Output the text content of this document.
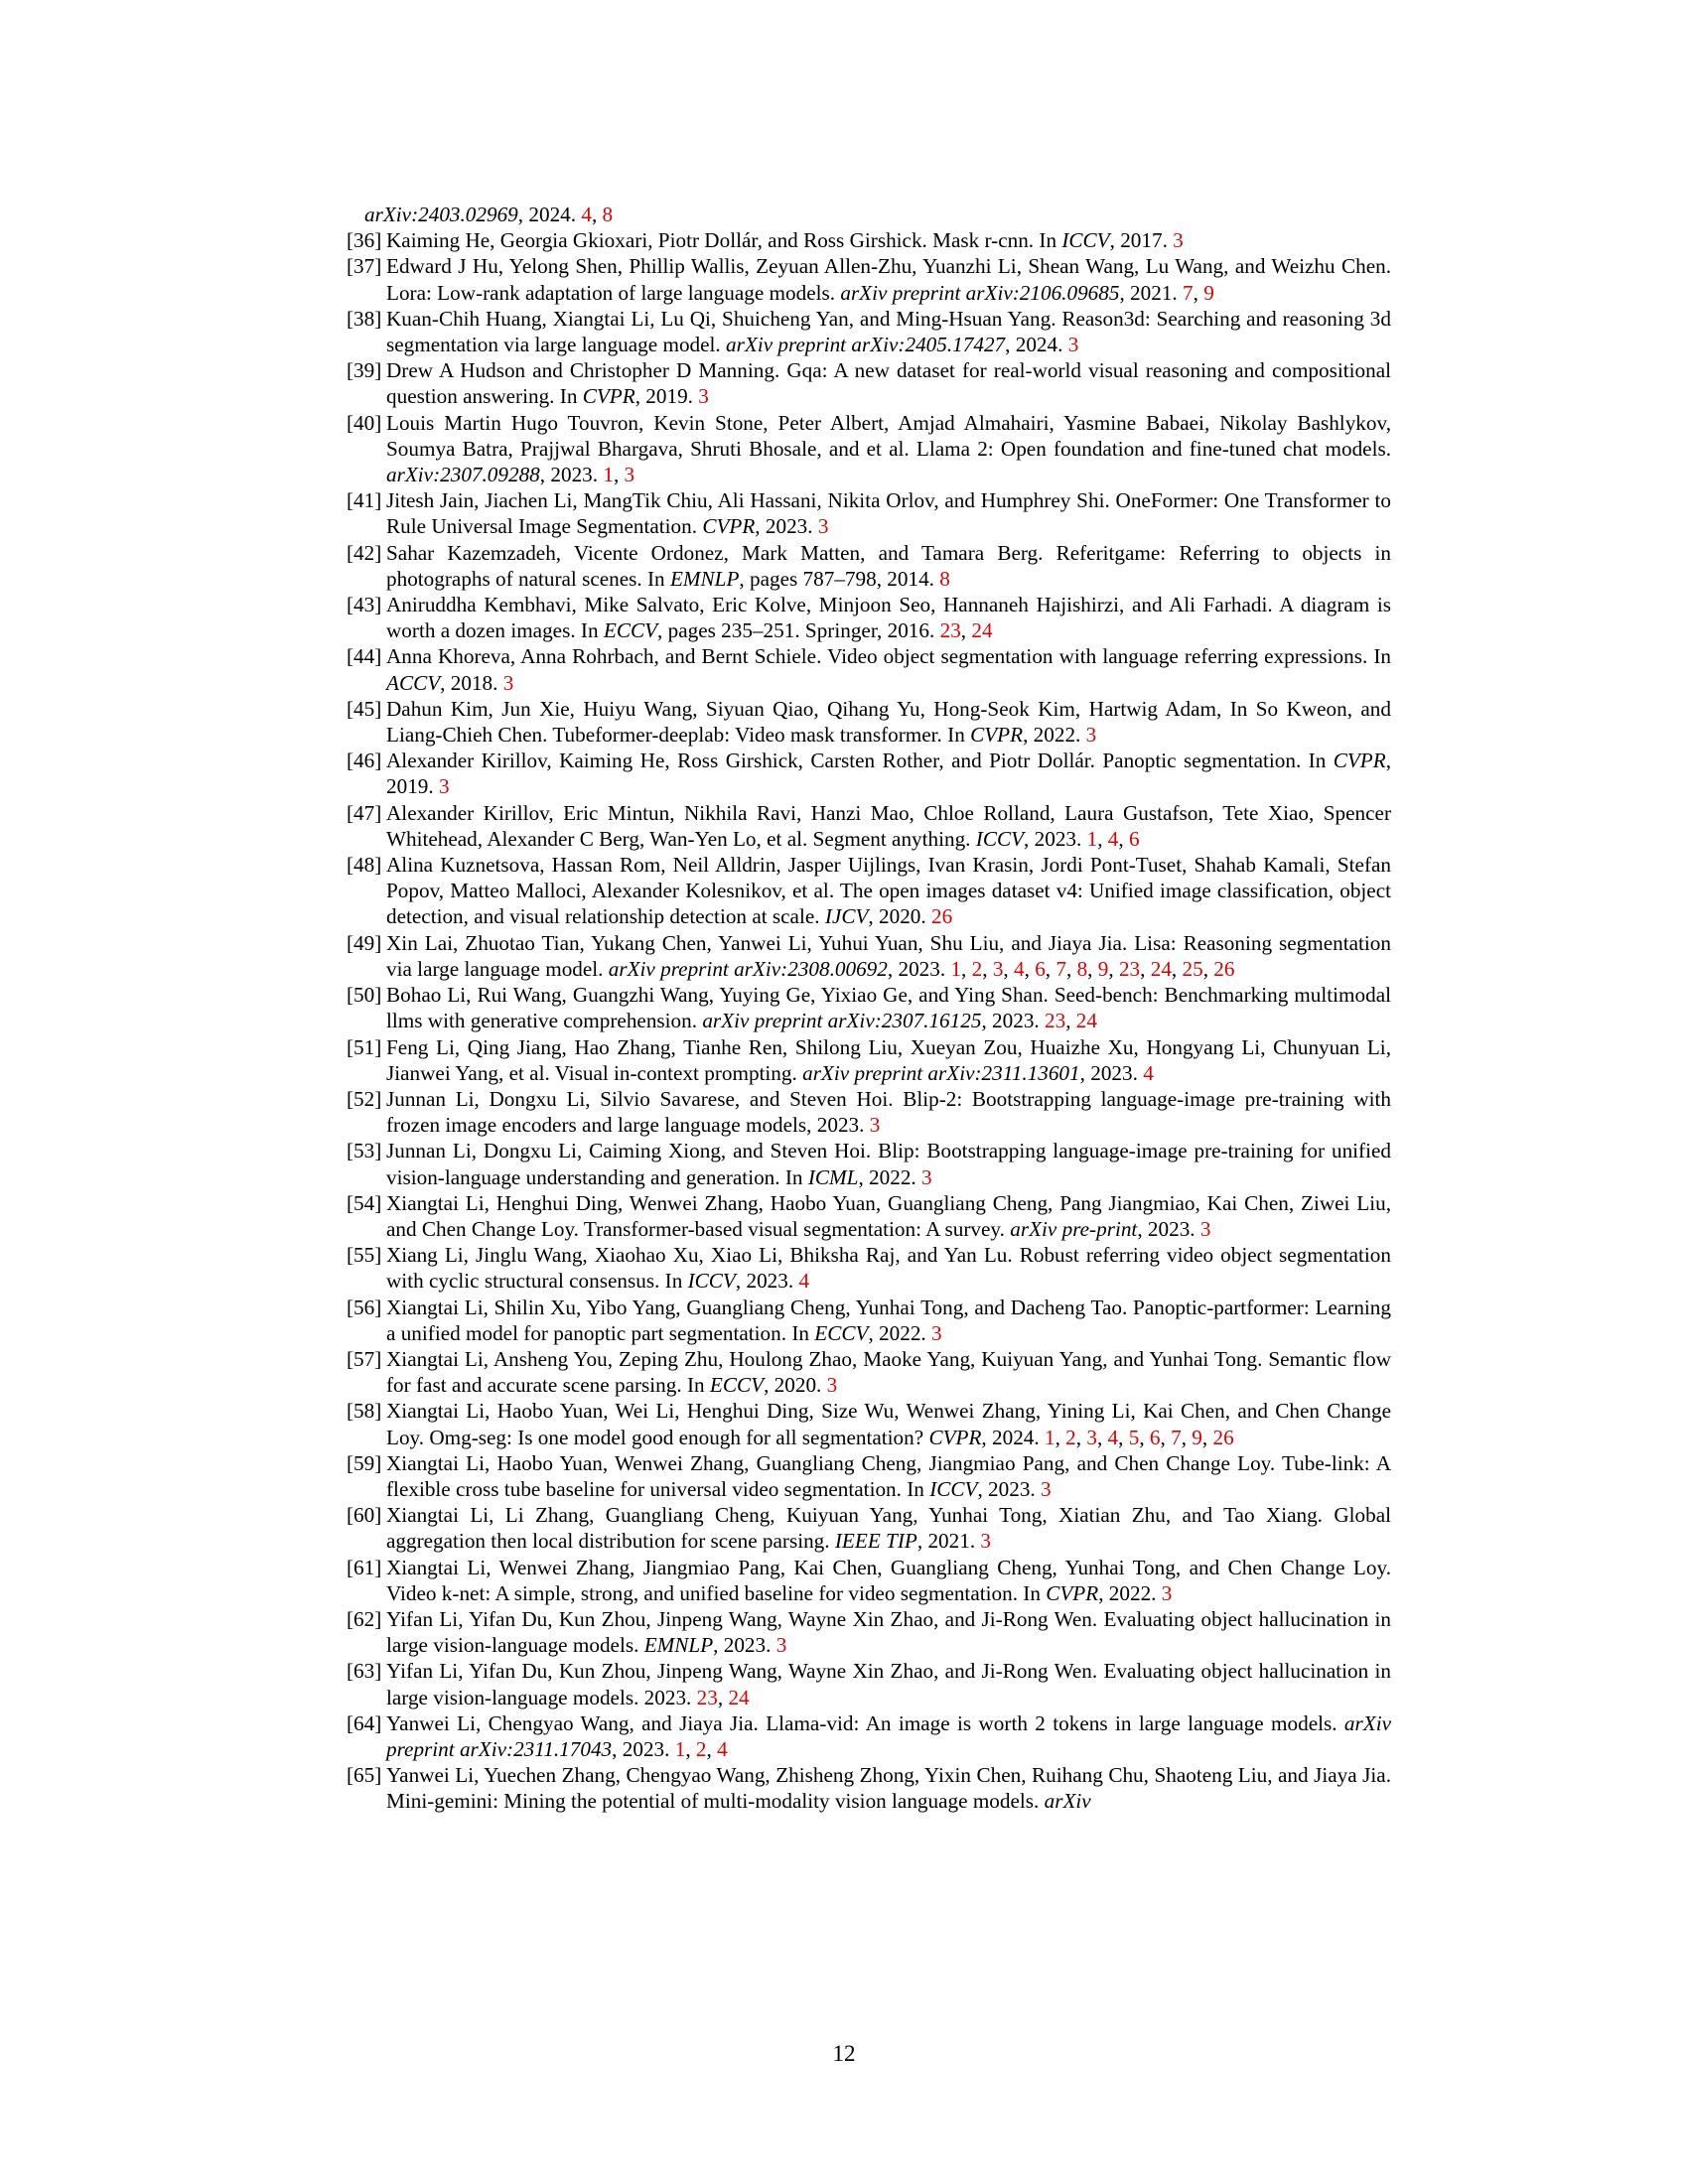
arXiv:2403.02969, 2024. 4, 8
[36] Kaiming He, Georgia Gkioxari, Piotr Dollár, and Ross Girshick. Mask r-cnn. In ICCV, 2017. 3
[37] Edward J Hu, Yelong Shen, Phillip Wallis, Zeyuan Allen-Zhu, Yuanzhi Li, Shean Wang, Lu Wang, and Weizhu Chen. Lora: Low-rank adaptation of large language models. arXiv preprint arXiv:2106.09685, 2021. 7, 9
[38] Kuan-Chih Huang, Xiangtai Li, Lu Qi, Shuicheng Yan, and Ming-Hsuan Yang. Reason3d: Searching and reasoning 3d segmentation via large language model. arXiv preprint arXiv:2405.17427, 2024. 3
[39] Drew A Hudson and Christopher D Manning. Gqa: A new dataset for real-world visual reasoning and compositional question answering. In CVPR, 2019. 3
[40] Louis Martin Hugo Touvron, Kevin Stone, Peter Albert, Amjad Almahairi, Yasmine Babaei, Nikolay Bashlykov, Soumya Batra, Prajjwal Bhargava, Shruti Bhosale, and et al. Llama 2: Open foundation and fine-tuned chat models. arXiv:2307.09288, 2023. 1, 3
[41] Jitesh Jain, Jiachen Li, MangTik Chiu, Ali Hassani, Nikita Orlov, and Humphrey Shi. OneFormer: One Transformer to Rule Universal Image Segmentation. CVPR, 2023. 3
[42] Sahar Kazemzadeh, Vicente Ordonez, Mark Matten, and Tamara Berg. Referitgame: Referring to objects in photographs of natural scenes. In EMNLP, pages 787–798, 2014. 8
[43] Aniruddha Kembhavi, Mike Salvato, Eric Kolve, Minjoon Seo, Hannaneh Hajishirzi, and Ali Farhadi. A diagram is worth a dozen images. In ECCV, pages 235–251. Springer, 2016. 23, 24
[44] Anna Khoreva, Anna Rohrbach, and Bernt Schiele. Video object segmentation with language referring expressions. In ACCV, 2018. 3
[45] Dahun Kim, Jun Xie, Huiyu Wang, Siyuan Qiao, Qihang Yu, Hong-Seok Kim, Hartwig Adam, In So Kweon, and Liang-Chieh Chen. Tubeformer-deeplab: Video mask transformer. In CVPR, 2022. 3
[46] Alexander Kirillov, Kaiming He, Ross Girshick, Carsten Rother, and Piotr Dollár. Panoptic segmentation. In CVPR, 2019. 3
[47] Alexander Kirillov, Eric Mintun, Nikhila Ravi, Hanzi Mao, Chloe Rolland, Laura Gustafson, Tete Xiao, Spencer Whitehead, Alexander C Berg, Wan-Yen Lo, et al. Segment anything. ICCV, 2023. 1, 4, 6
[48] Alina Kuznetsova, Hassan Rom, Neil Alldrin, Jasper Uijlings, Ivan Krasin, Jordi Pont-Tuset, Shahab Kamali, Stefan Popov, Matteo Malloci, Alexander Kolesnikov, et al. The open images dataset v4: Unified image classification, object detection, and visual relationship detection at scale. IJCV, 2020. 26
[49] Xin Lai, Zhuotao Tian, Yukang Chen, Yanwei Li, Yuhui Yuan, Shu Liu, and Jiaya Jia. Lisa: Reasoning segmentation via large language model. arXiv preprint arXiv:2308.00692, 2023. 1, 2, 3, 4, 6, 7, 8, 9, 23, 24, 25, 26
[50] Bohao Li, Rui Wang, Guangzhi Wang, Yuying Ge, Yixiao Ge, and Ying Shan. Seed-bench: Benchmarking multimodal llms with generative comprehension. arXiv preprint arXiv:2307.16125, 2023. 23, 24
[51] Feng Li, Qing Jiang, Hao Zhang, Tianhe Ren, Shilong Liu, Xueyan Zou, Huaizhe Xu, Hongyang Li, Chunyuan Li, Jianwei Yang, et al. Visual in-context prompting. arXiv preprint arXiv:2311.13601, 2023. 4
[52] Junnan Li, Dongxu Li, Silvio Savarese, and Steven Hoi. Blip-2: Bootstrapping language-image pre-training with frozen image encoders and large language models, 2023. 3
[53] Junnan Li, Dongxu Li, Caiming Xiong, and Steven Hoi. Blip: Bootstrapping language-image pre-training for unified vision-language understanding and generation. In ICML, 2022. 3
[54] Xiangtai Li, Henghui Ding, Wenwei Zhang, Haobo Yuan, Guangliang Cheng, Pang Jiangmiao, Kai Chen, Ziwei Liu, and Chen Change Loy. Transformer-based visual segmentation: A survey. arXiv pre-print, 2023. 3
[55] Xiang Li, Jinglu Wang, Xiaohao Xu, Xiao Li, Bhiksha Raj, and Yan Lu. Robust referring video object segmentation with cyclic structural consensus. In ICCV, 2023. 4
[56] Xiangtai Li, Shilin Xu, Yibo Yang, Guangliang Cheng, Yunhai Tong, and Dacheng Tao. Panoptic-partformer: Learning a unified model for panoptic part segmentation. In ECCV, 2022. 3
[57] Xiangtai Li, Ansheng You, Zeping Zhu, Houlong Zhao, Maoke Yang, Kuiyuan Yang, and Yunhai Tong. Semantic flow for fast and accurate scene parsing. In ECCV, 2020. 3
[58] Xiangtai Li, Haobo Yuan, Wei Li, Henghui Ding, Size Wu, Wenwei Zhang, Yining Li, Kai Chen, and Chen Change Loy. Omg-seg: Is one model good enough for all segmentation? CVPR, 2024. 1, 2, 3, 4, 5, 6, 7, 9, 26
[59] Xiangtai Li, Haobo Yuan, Wenwei Zhang, Guangliang Cheng, Jiangmiao Pang, and Chen Change Loy. Tube-link: A flexible cross tube baseline for universal video segmentation. In ICCV, 2023. 3
[60] Xiangtai Li, Li Zhang, Guangliang Cheng, Kuiyuan Yang, Yunhai Tong, Xiatian Zhu, and Tao Xiang. Global aggregation then local distribution for scene parsing. IEEE TIP, 2021. 3
[61] Xiangtai Li, Wenwei Zhang, Jiangmiao Pang, Kai Chen, Guangliang Cheng, Yunhai Tong, and Chen Change Loy. Video k-net: A simple, strong, and unified baseline for video segmentation. In CVPR, 2022. 3
[62] Yifan Li, Yifan Du, Kun Zhou, Jinpeng Wang, Wayne Xin Zhao, and Ji-Rong Wen. Evaluating object hallucination in large vision-language models. EMNLP, 2023. 3
[63] Yifan Li, Yifan Du, Kun Zhou, Jinpeng Wang, Wayne Xin Zhao, and Ji-Rong Wen. Evaluating object hallucination in large vision-language models. 2023. 23, 24
[64] Yanwei Li, Chengyao Wang, and Jiaya Jia. Llama-vid: An image is worth 2 tokens in large language models. arXiv preprint arXiv:2311.17043, 2023. 1, 2, 4
[65] Yanwei Li, Yuechen Zhang, Chengyao Wang, Zhisheng Zhong, Yixin Chen, Ruihang Chu, Shaoteng Liu, and Jiaya Jia. Mini-gemini: Mining the potential of multi-modality vision language models. arXiv
12
